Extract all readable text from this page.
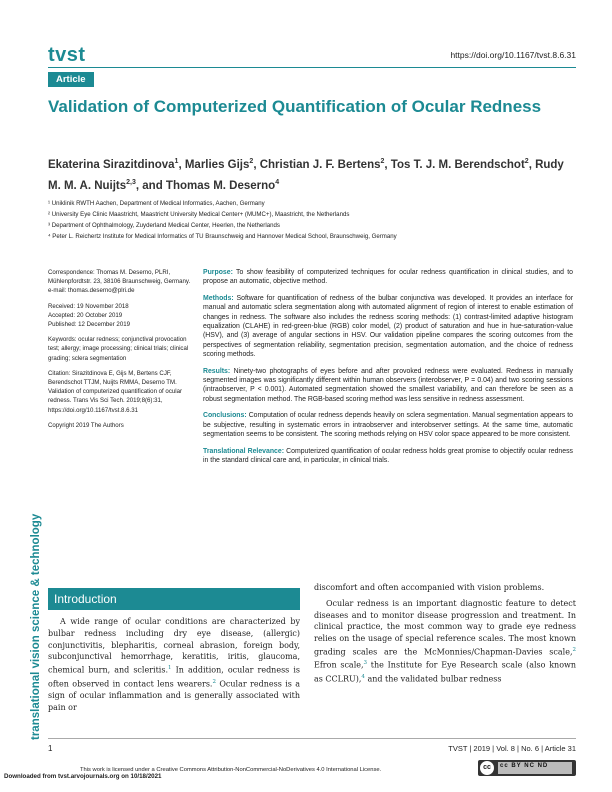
tvst	https://doi.org/10.1167/tvst.8.6.31
Article
Validation of Computerized Quantification of Ocular Redness
Ekaterina Sirazitdinova$^1$, Marlies Gijs$^2$, Christian J. F. Bertens$^2$, Tos T. J. M. Berendschot$^2$, Rudy M. M. A. Nuijts$^{2,3}$, and Thomas M. Deserno$^4$
¹ Uniklinik RWTH Aachen, Department of Medical Informatics, Aachen, Germany
² University Eye Clinic Maastricht, Maastricht University Medical Center+ (MUMC+), Maastricht, the Netherlands
³ Department of Ophthalmology, Zuyderland Medical Center, Heerlen, the Netherlands
⁴ Peter L. Reichertz Institute for Medical Informatics of TU Braunschweig and Hannover Medical School, Braunschweig, Germany

Correspondence: Thomas M. Deserno, PLRI, Mühlenpfordtstr. 23, 38106 Braunschweig, Germany. e-mail: thomas.deserno@plri.de

Received: 19 November 2018
Accepted: 20 October 2019
Published: 12 December 2019

Keywords: ocular redness; conjunctival provocation test; allergy; image processing; clinical trials; clinical grading; sclera segmentation

Citation: Sirazitdinova E, Gijs M, Bertens CJF, Berendschot TTJM, Nuijts RMMA, Deserno TM. Validation of computerized quantification of ocular redness. Trans Vis Sci Tech. 2019;8(6):31, https://doi.org/10.1167/tvst.8.6.31

Copyright 2019 The Authors

Purpose: To show feasibility of computerized techniques for ocular redness quantification in clinical studies, and to propose an automatic, objective method.

Methods: Software for quantification of redness of the bulbar conjunctiva was developed. It provides an interface for manual and automatic sclera segmentation along with automated alignment of region of interest to enable estimation of changes in redness. The software also includes the redness scoring methods: (1) contrast-limited adaptive histogram equalization (CLAHE) in red-green-blue (RGB) color model, (2) product of saturation and hue in hue-saturation-value (HSV), and (3) average of angular sections in HSV. Our validation pipeline compares the scoring outcomes from the perspectives of segmentation reliability, segmentation precision, segmentation automation, and the choice of redness scoring methods.

Results: Ninety-two photographs of eyes before and after provoked redness were evaluated. Redness in manually segmented images was significantly different within human observers (interobserver, P = 0.04) and two scoring sessions (intraobserver, P < 0.001). Automated segmentation showed the smallest variability, and can therefore be seen as a robust segmentation method. The RGB-based scoring method was less sensitive in redness assessment.

Conclusions: Computation of ocular redness depends heavily on sclera segmentation. Manual segmentation appears to be subjective, resulting in systematic errors in intraobserver and interobserver settings. At the same time, automatic segmentation seems to be consistent. The scoring methods relying on HSV color space appeared to be more consistent.

Translational Relevance: Computerized quantification of ocular redness holds great promise to objectify ocular redness in the standard clinical care and, in particular, in clinical trials.

translational vision science & technology	Introduction

A wide range of ocular conditions are characterized by bulbar redness including dry eye disease, (allergic) conjunctivitis, blepharitis, corneal abrasion, foreign body, subconjunctival hemorrhage, keratitis, iritis, glaucoma, chemical burn, and scleritis.$^1$ In addition, ocular redness is often observed in contact lens wearers.$^2$ Ocular redness is a sign of ocular inflammation and is generally associated with pain or

discomfort and often accompanied with vision problems.

Ocular redness is an important diagnostic feature to detect diseases and to monitor disease progression and treatment. In clinical practice, the most common way to grade eye redness relies on the usage of special reference scales. The most known grading scales are the McMonnies/Chapman-Davies scale,$^2$ Efron scale,$^3$ the Institute for Eye Research scale (also known as CCLRU),$^4$ and the validated bulbar redness

1	TVST | 2019 | Vol. 8 | No. 6 | Article 31
This work is licensed under a Creative Commons Attribution-NonCommercial-NoDerivatives 4.0 International License.
Downloaded from tvst.arvojournals.org on 10/18/2021
cc	cc BY NC ND
